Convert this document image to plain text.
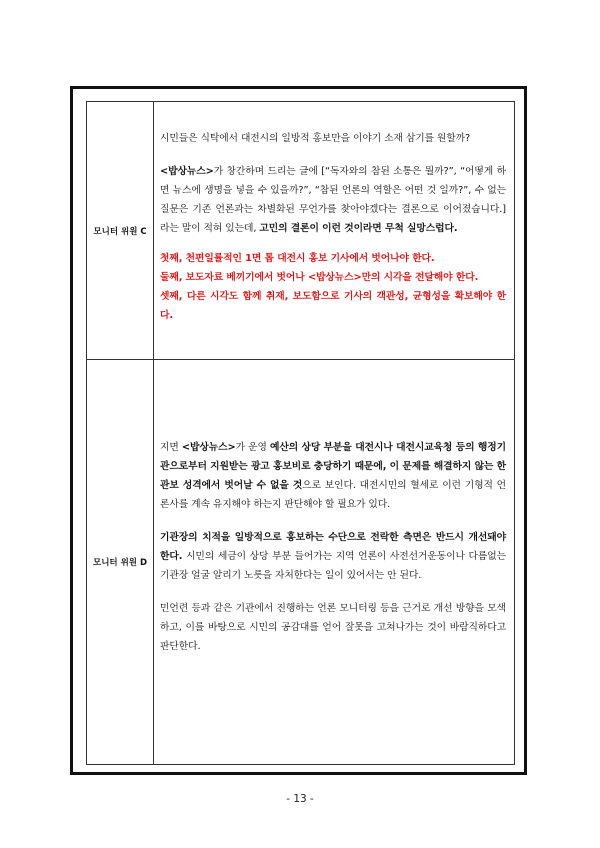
모니터 위원 C

시민들은 식탁에서 대전시의 일방적 홍보만을 이야기 소재 삼기를 원할까?

<밥상뉴스>가 창간하며 드리는 글에 [“독자와의 참된 소통은 뭘까?”, “어떻게 하면 뉴스에 생명을 넣을 수 있을까?”, “참된 언론의 역할은 어떤 것 일까?”, 수 없는 질문은 기존 언론과는 차별화된 무언가를 찾아야겠다는 결론으로 이어졌습니다.]라는 말이 적혀 있는데, 고민의 결론이 이런 것이라면 무척 실망스럽다.

첫째, 천편일률적인 1면 톱 대전시 홍보 기사에서 벗어나야 한다.

둘째, 보도자료 베끼기에서 벗어나 <밥상뉴스>만의 시각을 전달해야 한다.

셋째, 다른 시각도 함께 취재, 보도함으로 기사의 객관성, 균형성을 확보해야 한다.

모니터 위원 D

지면 <밥상뉴스>가 운영 예산의 상당 부분을 대전시나 대전시교육청 등의 행정기관으로부터 지원받는 광고 홍보비로 충당하기 때문에, 이 문제를 해결하지 않는 한 관보 성격에서 벗어날 수 없을 것으로 보인다. 대전시민의 혈세로 이런 기형적 언론사를 계속 유지해야 하는지 판단해야 할 필요가 있다.

기관장의 치적을 일방적으로 홍보하는 수단으로 전락한 측면은 반드시 개선돼야 한다. 시민의 세금이 상당 부분 들어가는 지역 언론이 사전선거운동이나 다름없는 기관장 얼굴 알리기 노릇을 자처한다는 일이 있어서는 안 된다.

민언련 등과 같은 기관에서 진행하는 언론 모니터링 등을 근거로 개선 방향을 모색하고, 이를 바탕으로 시민의 공감대를 얻어 잘못을 고쳐나가는 것이 바람직하다고 판단한다.

- 13 -
